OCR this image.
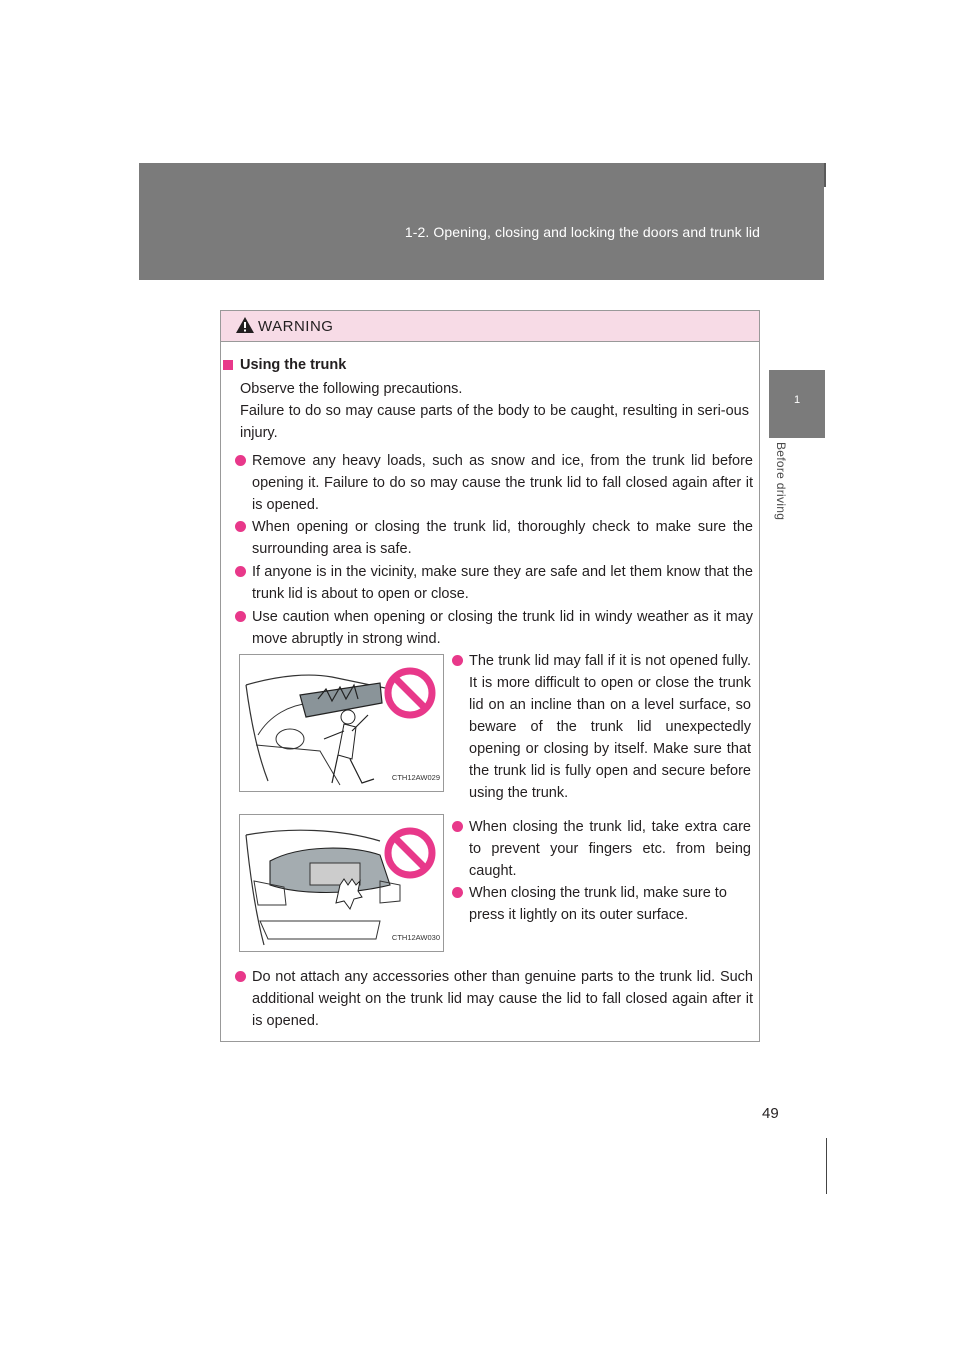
1-2. Opening, closing and locking the doors and trunk lid
1
Before driving
WARNING
Using the trunk
Observe the following precautions.
Failure to do so may cause parts of the body to be caught, resulting in seri-ous injury.
Remove any heavy loads, such as snow and ice, from the trunk lid before opening it. Failure to do so may cause the trunk lid to fall closed again after it is opened.
When opening or closing the trunk lid, thoroughly check to make sure the surrounding area is safe.
If anyone is in the vicinity, make sure they are safe and let them know that the trunk lid is about to open or close.
Use caution when opening or closing the trunk lid in windy weather as it may move abruptly in strong wind.
CTH12AW029
CTH12AW030
The trunk lid may fall if it is not opened fully. It is more difficult to open or close the trunk lid on an incline than on a level surface, so beware of the trunk lid unexpectedly opening or closing by itself. Make sure that the trunk lid is fully open and secure before using the trunk.
When closing the trunk lid, take extra care to prevent your fingers etc. from being caught.
When closing the trunk lid, make sure to press it lightly on its outer surface.
Do not attach any accessories other than genuine parts to the trunk lid. Such additional weight on the trunk lid may cause the lid to fall closed again after it is opened.
49
